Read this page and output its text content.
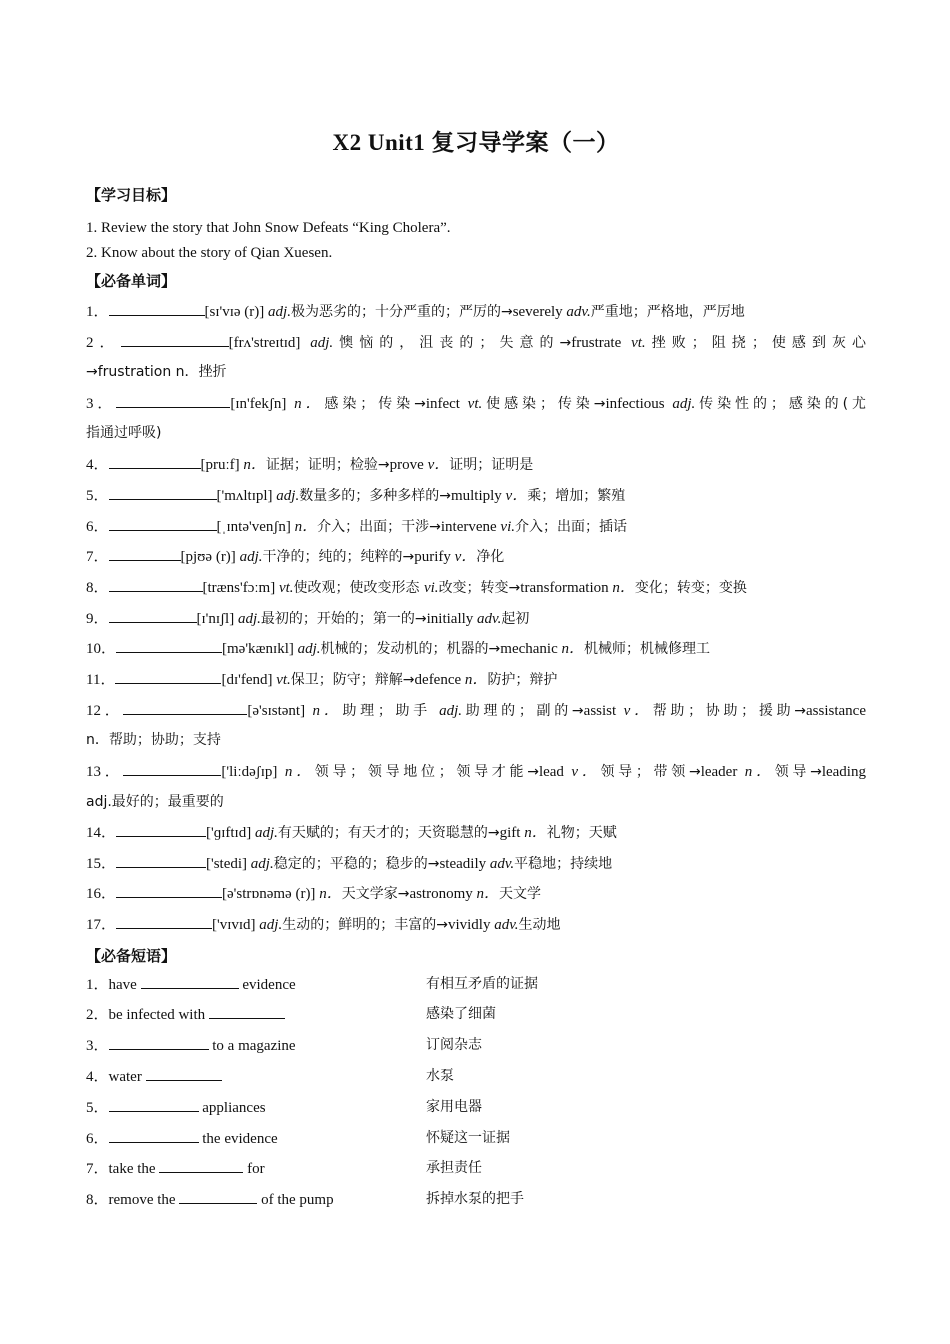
X2 Unit1 复习导学案（一）
【学习目标】
1. Review the story that John Snow Defeats “King Cholera”.
2. Know about the story of Qian Xuesen.
【必备单词】
1．	[sɪ'vɪə (r)] adj.极为恶劣的；十分严重的；严厉的→severely adv.严重地；严格地，严厉地
2．	[frʌ'streɪtɪd] adj.懊恼的，沮丧的；失意的→frustrate vt.挫败；阻挠；使感到灰心
→frustration n．挫折
3．	[ɪn'fekʃn] n．感染；传染→infect vt.使感染；传染→infectious adj.传染性的；感染的(尤
指通过呼吸)
4．	[pruːf] n．证据；证明；检验→prove v．证明；证明是
5．	['mʌltɪpl] adj.数量多的；多种多样的→multiply v．乘；增加；繁殖
6．	[ˌɪntə'venʃn] n．介入；出面；干涉→intervene vi.介入；出面；插话
7．	[pjʊə (r)] adj.干净的；纯的；纯粹的→purify v．净化
8．	[træns'fɔːm] vt.使改观；使改变形态 vi.改变；转变→transformation n．变化；转变；变换
9．	[ɪ'nɪʃl] adj.最初的；开始的；第一的→initially adv.起初
10．	[mə'kænɪkl] adj.机械的；发动机的；机器的→mechanic n．机械师；机械修理工
11．	[dɪ'fend] vt.保卫；防守；辩解→defence n．防护；辩护
12．	[ə'sɪstənt] n．助理；助手 adj.助理的；副的→assist v．帮助；协助；援助→assistance
n．帮助；协助；支持
13．	['liːdəʃɪp] n．领导；领导地位；领导才能→lead v．领导；带领→leader n．领导→leading
adj.最好的；最重要的
14．	['ɡɪftɪd] adj.有天赋的；有天才的；天资聪慧的→gift n．礼物；天赋
15．	['stedi] adj.稳定的；平稳的；稳步的→steadily adv.平稳地；持续地
16．	[ə'strɒnəmə (r)] n．天文学家→astronomy n．天文学
17．	['vɪvɪd] adj.生动的；鲜明的；丰富的→vividly adv.生动地
【必备短语】
1．have	evidence	有相互矛盾的证据
2．be infected with	感染了细菌
3．	to a magazine	订阅杂志
4．water	水泵
5．	appliances	家用电器
6．	the evidence	怀疑这一证据
7．take the	for	承担责任
8．remove the	of the pump	拆掉水泵的把手
